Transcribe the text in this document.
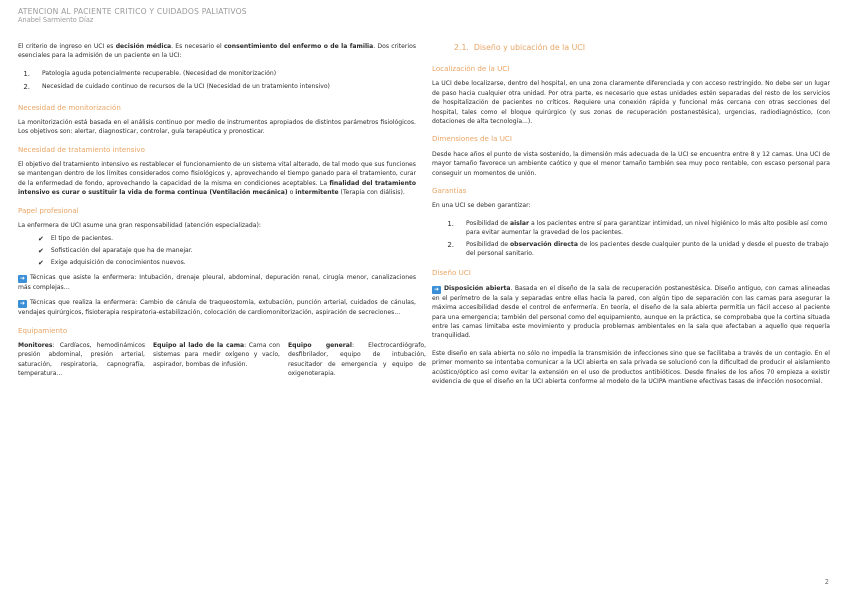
ATENCION AL PACIENTE CRITICO Y CUIDADOS PALIATIVOS
Anabel Sarmiento Díaz

El criterio de ingreso en UCI es decisión médica. Es necesario el consentimiento del enfermo o de la familia. Dos criterios esenciales para la admisión de un paciente en la UCI:

1. Patología aguda potencialmente recuperable. (Necesidad de monitorización)
2. Necesidad de cuidado continuo de recursos de la UCI (Necesidad de un tratamiento intensivo)
Necesidad de monitorización

La monitorización está basada en el análisis continuo por medio de instrumentos apropiados de distintos parámetros fisiológicos. Los objetivos son: alertar, diagnosticar, controlar, guía terapéutica y pronosticar.

Necesidad de tratamiento intensivo

El objetivo del tratamiento intensivo es restablecer el funcionamiento de un sistema vital alterado, de tal modo que sus funciones se mantengan dentro de los límites considerados como fisiológicos y, aprovechando el tiempo ganado para el tratamiento, curar de la enfermedad de fondo, aprovechando la capacidad de la misma en condiciones aceptables. La finalidad del tratamiento intensivo es curar o sustituir la vida de forma continua (Ventilación mecánica) o intermitente (Terapia con diálisis).

Papel profesional

La enfermera de UCI asume una gran responsabilidad (atención especializada):

✔ El tipo de pacientes.
✔ Sofisticación del aparataje que ha de manejar.
✔ Exige adquisición de conocimientos nuevos.

➜ Técnicas que asiste la enfermera: Intubación, drenaje pleural, abdominal, depuración renal, cirugía menor, canalizaciones más complejas…

➜ Técnicas que realiza la enfermera: Cambio de cánula de traqueostomía, extubación, punción arterial, cuidados de cánulas, vendajes quirúrgicos, fisioterapia respiratoria-estabilización, colocación de cardiomonitorización, aspiración de secreciones...

Equipamiento

Monitores: Cardíacos, hemodinámicos presión abdominal, presión arterial, saturación, respiratoria, capnografía, temperatura...

Equipo al lado de la cama: Cama con sistemas para medir oxígeno y vacío, aspirador, bombas de infusión.

Equipo general: Electrocardiógrafo, desfibrilador, equipo de intubación, resucitador de emergencia y equipo de oxigenoterapia.

2.1. Diseño y ubicación de la UCI
Localización de la UCI

La UCI debe localizarse, dentro del hospital, en una zona claramente diferenciada y con acceso restringido. No debe ser un lugar de paso hacia cualquier otra unidad. Por otra parte, es necesario que estas unidades estén separadas del resto de los servicios de hospitalización de pacientes no críticos. Requiere una conexión rápida y funcional más cercana con otras secciones del hospital, tales como el bloque quirúrgico (y sus zonas de recuperación postanestésica), urgencias, radiodiagnóstico, (con dotaciones de alta tecnología...).

Dimensiones de la UCI

Desde hace años el punto de vista sostenido, la dimensión más adecuada de la UCI se encuentra entre 8 y 12 camas. Una UCI de mayor tamaño favorece un ambiente caótico y que el menor tamaño también sea muy poco rentable, con escaso personal para conseguir un momentos de unión.

Garantías

En una UCI se deben garantizar:

1. Posibilidad de aislar a los pacientes entre sí para garantizar intimidad, un nivel higiénico lo más alto posible así como para evitar aumentar la gravedad de los pacientes.
2. Posibilidad de observación directa de los pacientes desde cualquier punto de la unidad y desde el puesto de trabajo del personal sanitario.
Diseño UCI

➜ Disposición abierta. Basada en el diseño de la sala de recuperación postanestésica. Diseño antiguo, con camas alineadas en el perímetro de la sala y separadas entre ellas hacia la pared, con algún tipo de separación con las camas para asegurar la máxima accesibilidad desde el control de enfermería. En teoría, el diseño de la sala abierta permitía un fácil acceso al paciente para una emergencia; también del personal como del equipamiento, aunque en la práctica, se comprobaba que la cortina situada entre las camas limitaba este movimiento y producía problemas ambientales en la sala que afectaban a aquello que requería tranquilidad.

Este diseño en sala abierta no sólo no impedía la transmisión de infecciones sino que se facilitaba a través de un contagio. En el primer momento se intentaba comunicar a la UCI abierta en sala privada se solucionó con la dificultad de producir el aislamiento acústico/óptico así como evitar la extensión en el uso de productos antibióticos. Desde finales de los años 70 empieza a existir evidencia de que el diseño en la UCI abierta conforme al modelo de la UCIPA mantiene efectivas tasas de infección nosocomial.

2
